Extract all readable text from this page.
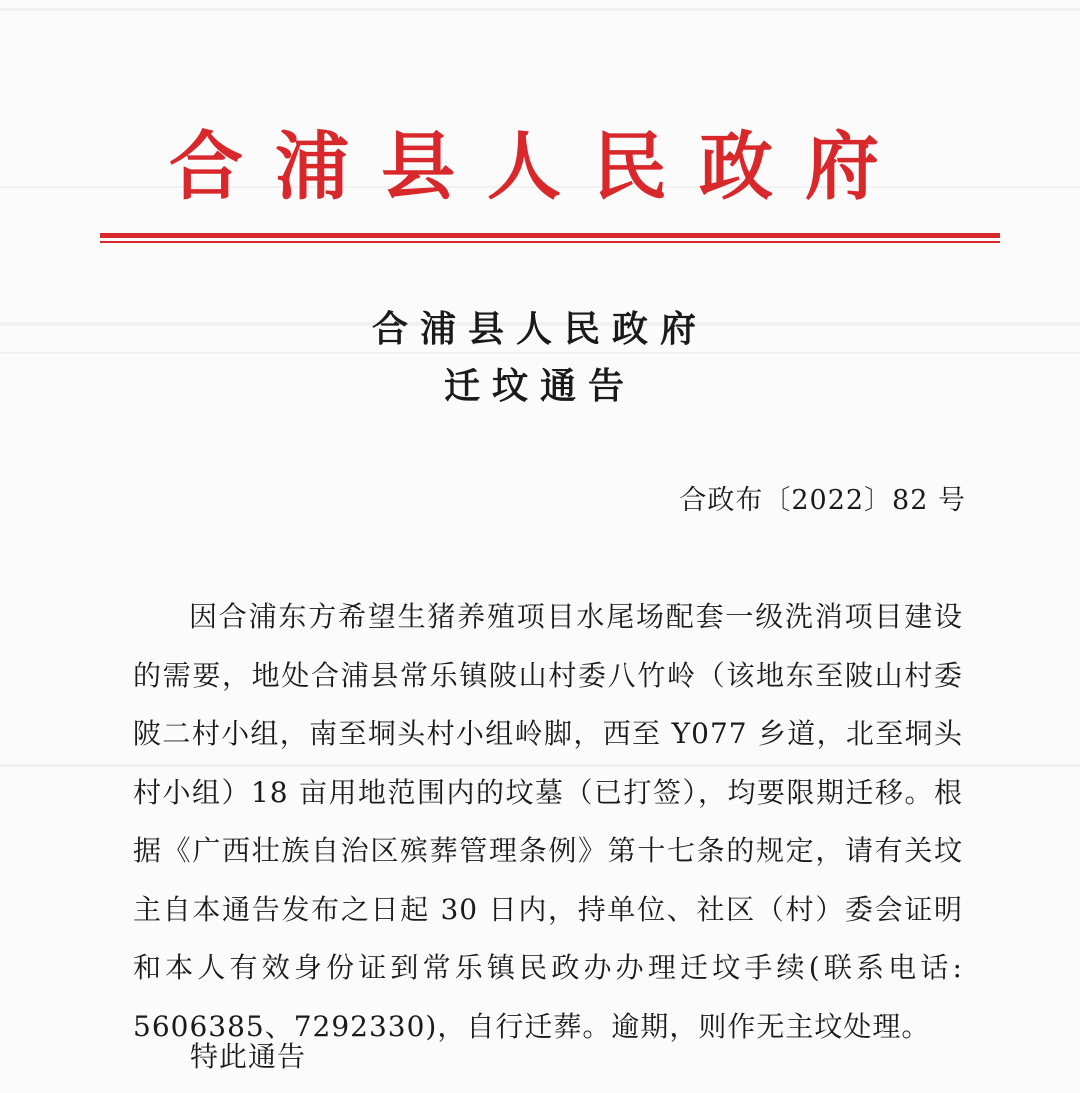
合浦县人民政府
合浦县人民政府
迁坟通告
合政布〔2022〕82 号
因合浦东方希望生猪养殖项目水尾场配套一级洗消项目建设的需要，地处合浦县常乐镇陂山村委八竹岭（该地东至陂山村委陂二村小组，南至垌头村小组岭脚，西至 Y077 乡道，北至垌头村小组）18 亩用地范围内的坟墓（已打签），均要限期迁移。根据《广西壮族自治区殡葬管理条例》第十七条的规定，请有关坟主自本通告发布之日起 30 日内，持单位、社区（村）委会证明和本人有效身份证到常乐镇民政办办理迁坟手续(联系电话: 5606385、7292330)，自行迁葬。逾期，则作无主坟处理。
特此通告
